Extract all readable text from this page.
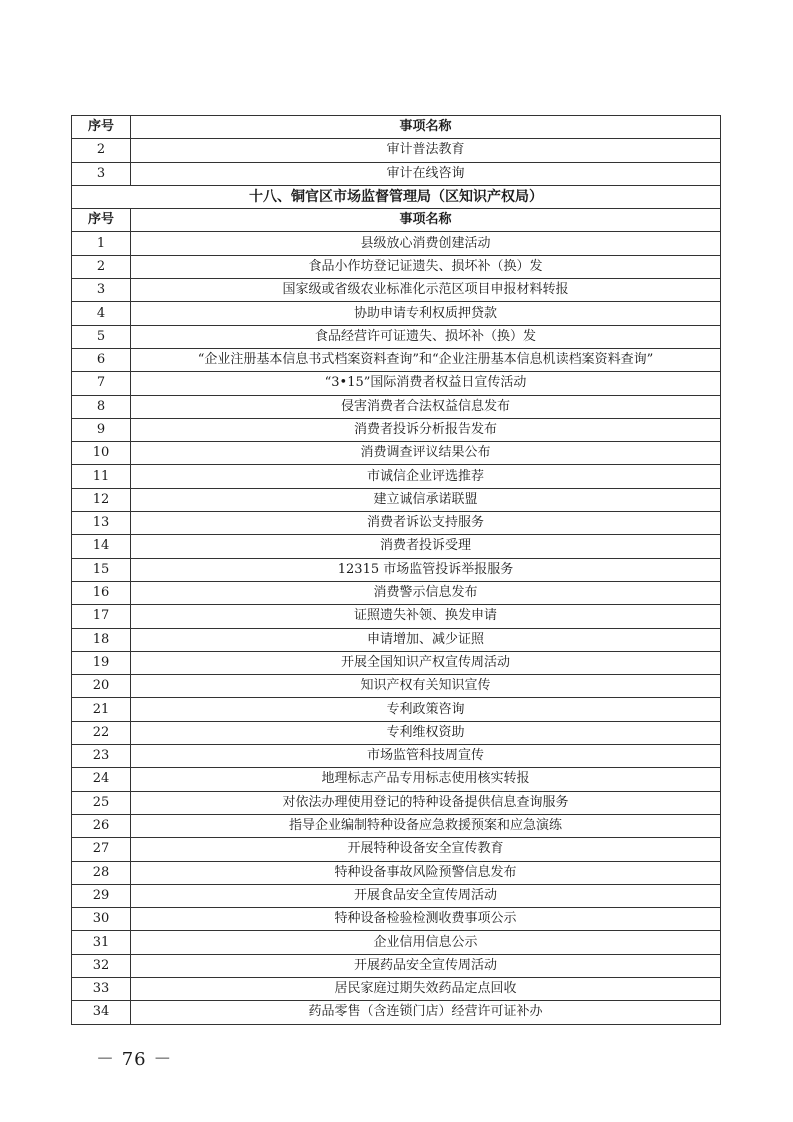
序号	事项名称
2	审计普法教育
3	审计在线咨询
十八、铜官区市场监督管理局（区知识产权局）	
序号	事项名称
1	县级放心消费创建活动
2	食品小作坊登记证遗失、损坏补（换）发
3	国家级或省级农业标准化示范区项目申报材料转报
4	协助申请专利权质押贷款
5	食品经营许可证遗失、损坏补（换）发
6	“企业注册基本信息书式档案资料查询”和“企业注册基本信息机读档案资料查询”
7	“3•15”国际消费者权益日宣传活动
8	侵害消费者合法权益信息发布
9	消费者投诉分析报告发布
10	消费调查评议结果公布
11	市诚信企业评选推荐
12	建立诚信承诺联盟
13	消费者诉讼支持服务
14	消费者投诉受理
15	12315 市场监管投诉举报服务
16	消费警示信息发布
17	证照遗失补领、换发申请
18	申请增加、减少证照
19	开展全国知识产权宣传周活动
20	知识产权有关知识宣传
21	专利政策咨询
22	专利维权资助
23	市场监管科技周宣传
24	地理标志产品专用标志使用核实转报
25	对依法办理使用登记的特种设备提供信息查询服务
26	指导企业编制特种设备应急救援预案和应急演练
27	开展特种设备安全宣传教育
28	特种设备事故风险预警信息发布
29	开展食品安全宣传周活动
30	特种设备检验检测收费事项公示
31	企业信用信息公示
32	开展药品安全宣传周活动
33	居民家庭过期失效药品定点回收
34	药品零售（含连锁门店）经营许可证补办
－ 76 －
